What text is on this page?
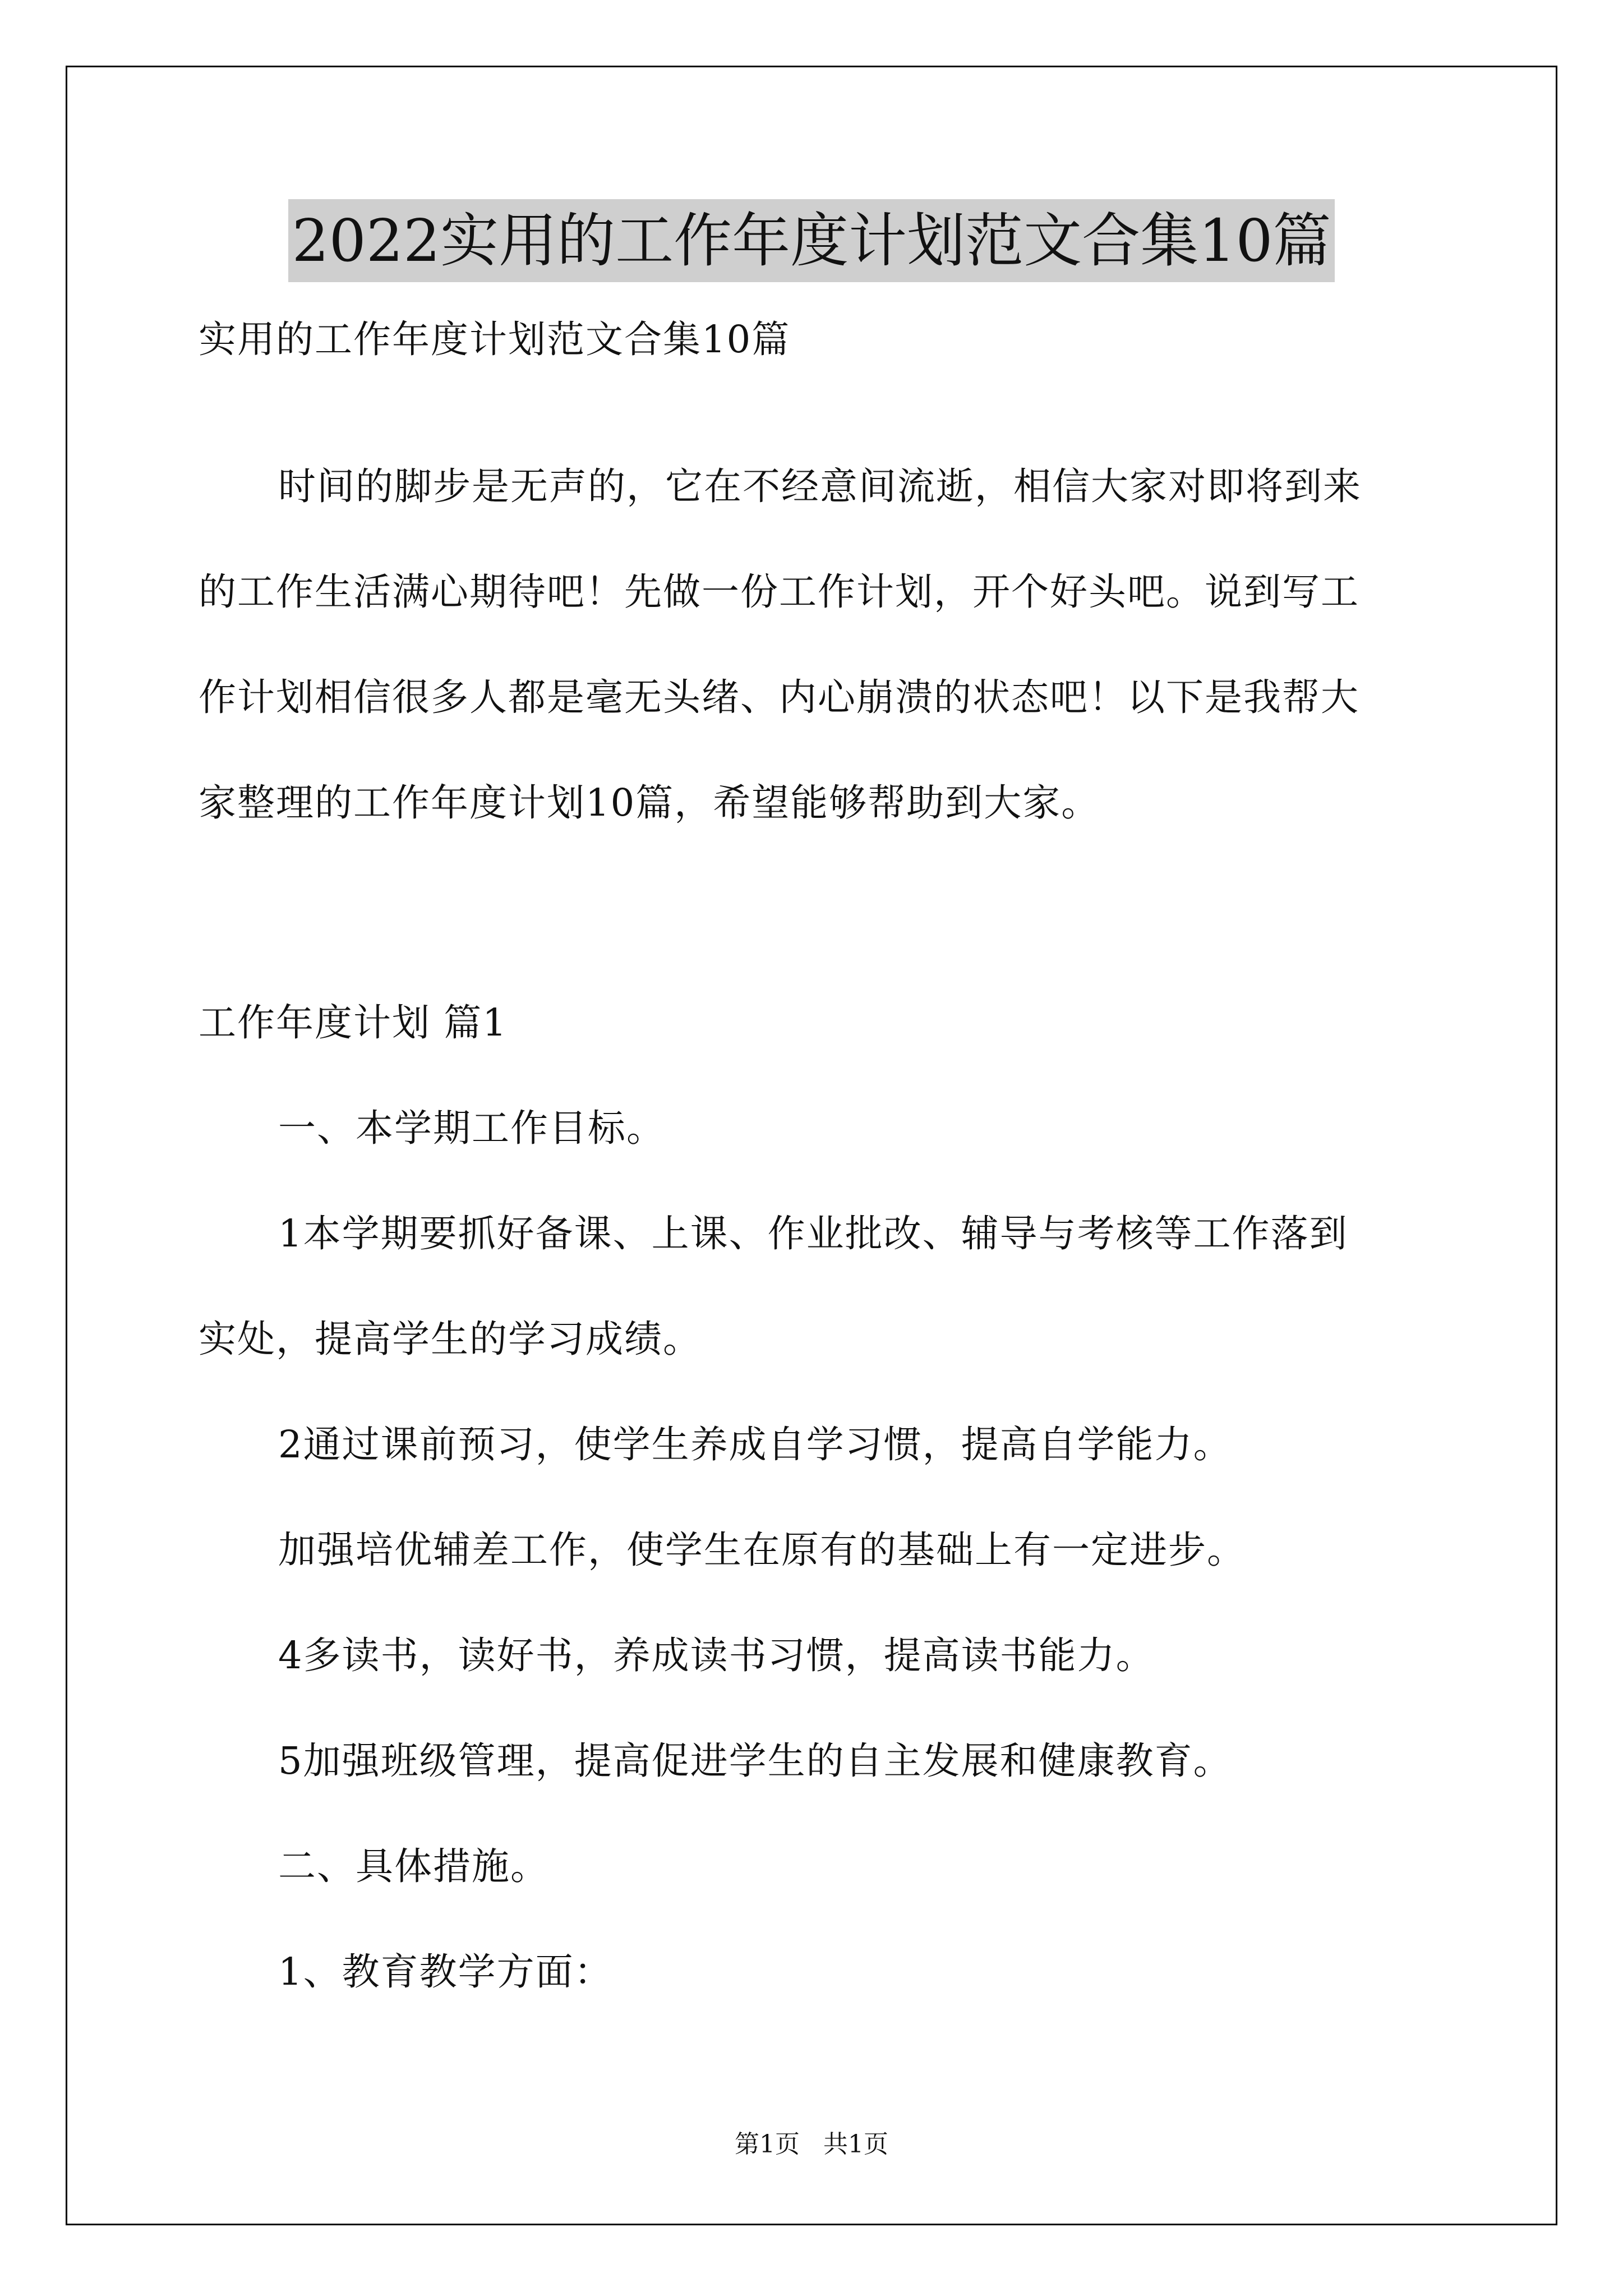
2022实用的工作年度计划范文合集10篇
实用的工作年度计划范文合集10篇
时间的脚步是无声的，它在不经意间流逝，相信大家对即将到来
的工作生活满心期待吧！先做一份工作计划，开个好头吧。说到写工
作计划相信很多人都是毫无头绪、内心崩溃的状态吧！以下是我帮大
家整理的工作年度计划10篇，希望能够帮助到大家。
工作年度计划 篇1
一、本学期工作目标。
1本学期要抓好备课、上课、作业批改、辅导与考核等工作落到
实处，提高学生的学习成绩。
2通过课前预习，使学生养成自学习惯，提高自学能力。
加强培优辅差工作，使学生在原有的基础上有一定进步。
4多读书，读好书，养成读书习惯，提高读书能力。
5加强班级管理，提高促进学生的自主发展和健康教育。
二、具体措施。
1、教育教学方面：
第1页   共1页
